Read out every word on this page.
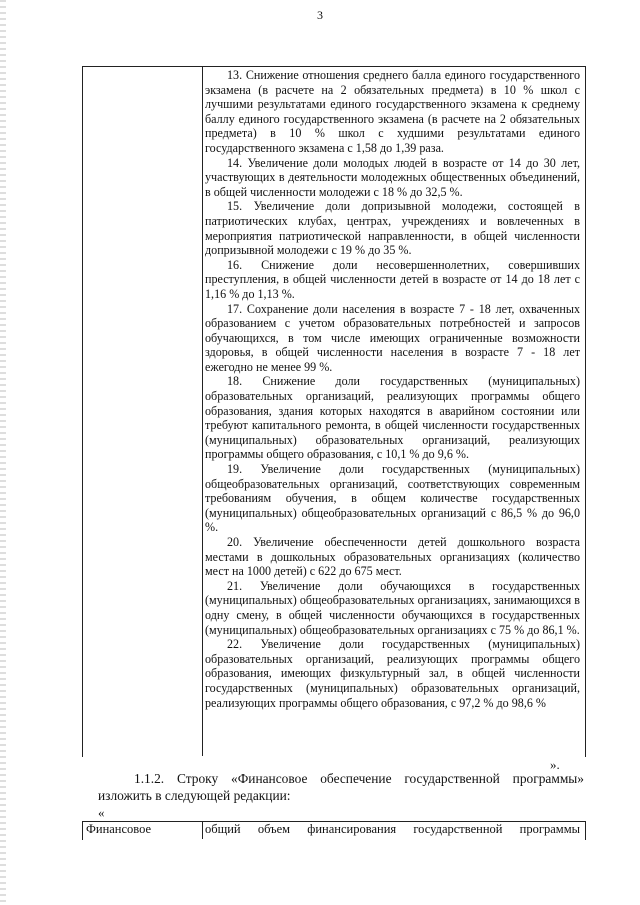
3

13. Снижение отношения среднего балла единого государственного экзамена (в расчете на 2 обязательных предмета) в 10 % школ с лучшими результатами единого государственного экзамена к среднему баллу единого государственного экзамена (в расчете на 2 обязательных предмета) в 10 % школ с худшими результатами единого государственного экзамена с 1,58 до 1,39 раза.

14. Увеличение доли молодых людей в возрасте от 14 до 30 лет, участвующих в деятельности молодежных общественных объединений, в общей численности молодежи с 18 % до 32,5 %.

15. Увеличение доли допризывной молодежи, состоящей в патриотических клубах, центрах, учреждениях и вовлеченных в мероприятия патриотической направленности, в общей численности допризывной молодежи с 19 % до 35 %.

16. Снижение доли несовершеннолетних, совершивших преступления, в общей численности детей в возрасте от 14 до 18 лет с 1,16 % до 1,13 %.

17. Сохранение доли населения в возрасте 7 - 18 лет, охваченных образованием с учетом образовательных потребностей и запросов обучающихся, в том числе имеющих ограниченные возможности здоровья, в общей численности населения в возрасте 7 - 18 лет ежегодно не менее 99 %.

18. Снижение доли государственных (муниципальных) образовательных организаций, реализующих программы общего образования, здания которых находятся в аварийном состоянии или требуют капитального ремонта, в общей численности государственных (муниципальных) образовательных организаций, реализующих программы общего образования, с 10,1 % до 9,6 %.

19. Увеличение доли государственных (муниципальных) общеобразовательных организаций, соответствующих современным требованиям обучения, в общем количестве государственных (муниципальных) общеобразовательных организаций с 86,5 % до 96,0 %.

20. Увеличение обеспеченности детей дошкольного возраста местами в дошкольных образовательных организациях (количество мест на 1000 детей) с 622 до 675 мест.

21. Увеличение доли обучающихся в государственных (муниципальных) общеобразовательных организациях, занимающихся в одну смену, в общей численности обучающихся в государственных (муниципальных) общеобразовательных организациях с 75 % до 86,1 %.

22. Увеличение доли государственных (муниципальных) образовательных организаций, реализующих программы общего образования, имеющих физкультурный зал, в общей численности государственных (муниципальных) образовательных организаций, реализующих программы общего образования, с 97,2 % до 98,6 %

».

1.1.2. Строку «Финансовое обеспечение государственной программы» изложить в следующей редакции:

«
Финансовое	общий объем финансирования государственной программы
